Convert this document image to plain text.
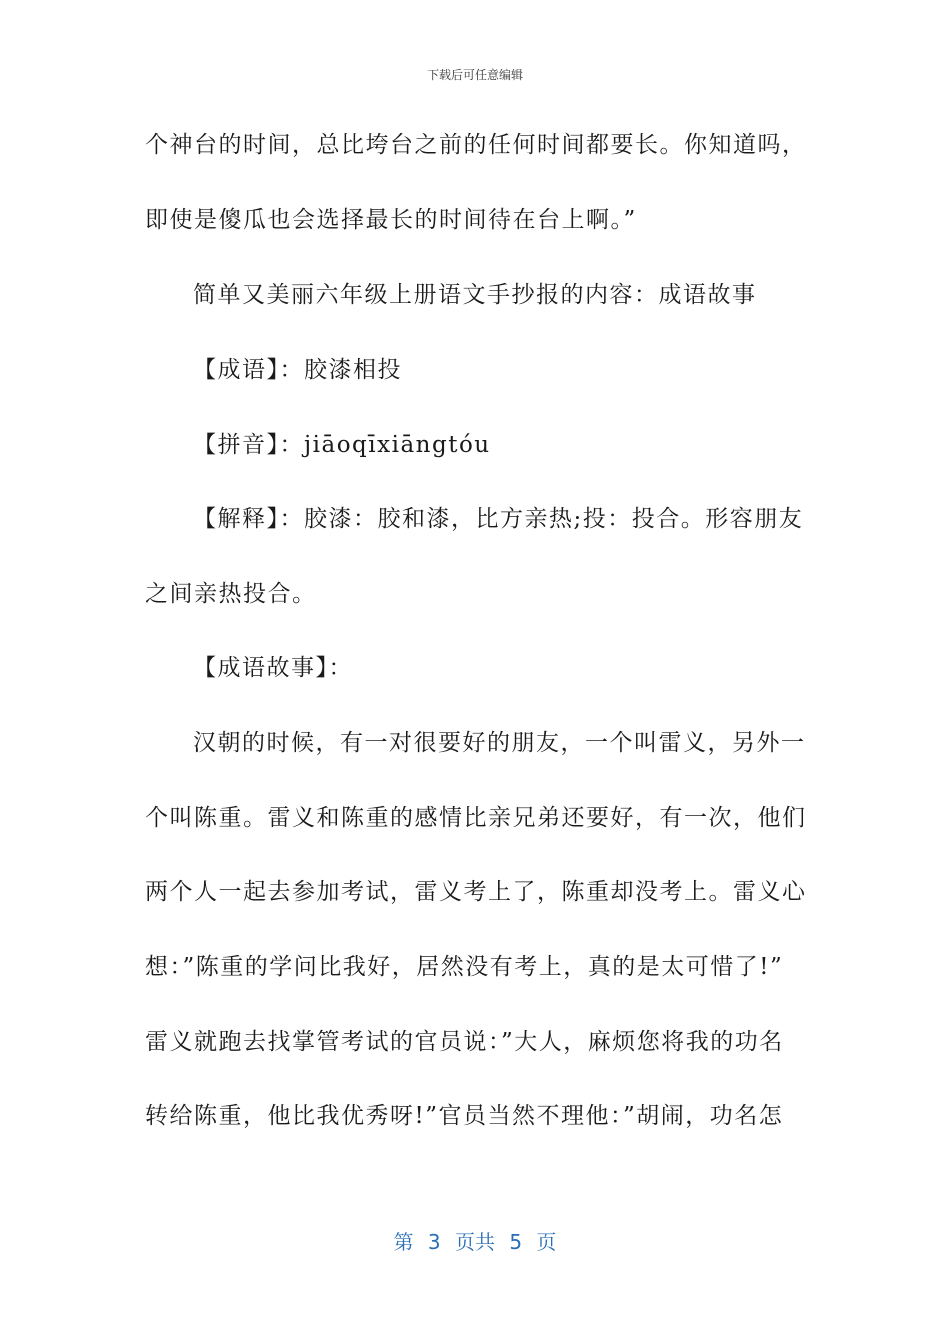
下载后可任意编辑
个神台的时间，总比垮台之前的任何时间都要长。你知道吗，
即使是傻瓜也会选择最长的时间待在台上啊。”
简单又美丽六年级上册语文手抄报的内容：成语故事
【成语】：胶漆相投
【拼音】：jiāoqīxiāngtóu
【解释】：胶漆：胶和漆，比方亲热;投：投合。形容朋友
之间亲热投合。
【成语故事】：
汉朝的时候，有一对很要好的朋友，一个叫雷义，另外一
个叫陈重。雷义和陈重的感情比亲兄弟还要好，有一次，他们
两个人一起去参加考试，雷义考上了，陈重却没考上。雷义心
想：”陈重的学问比我好，居然没有考上，真的是太可惜了!”
雷义就跑去找掌管考试的官员说：”大人，麻烦您将我的功名
转给陈重，他比我优秀呀!”官员当然不理他：”胡闹，功名怎
第 3 页共 5 页
